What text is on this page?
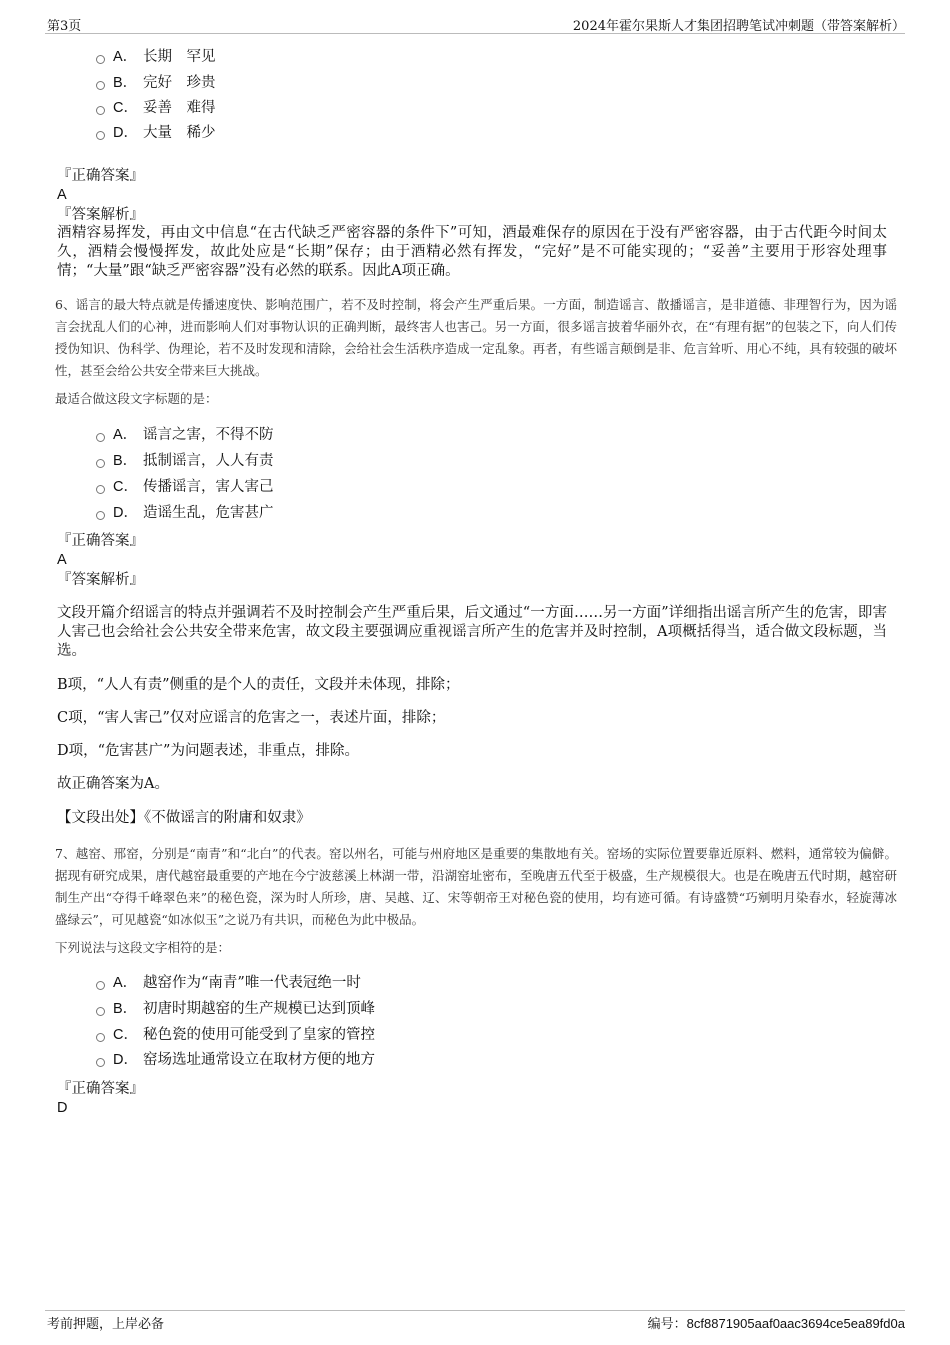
第3页	2024年霍尔果斯人才集团招聘笔试冲刺题（带答案解析）
A． 长期　罕见
B． 完好　珍贵
C． 妥善　难得
D． 大量　稀少
『正确答案』
A
『答案解析』
酒精容易挥发，再由文中信息“在古代缺乏严密容器的条件下”可知，酒最难保存的原因在于没有严密容器，由于古代距今时间太久，酒精会慢慢挥发，故此处应是“长期”保存；由于酒精必然有挥发，“完好”是不可能实现的；“妥善”主要用于形容处理事情；“大量”跟“缺乏严密容器”没有必然的联系。因此A项正确。
6、谣言的最大特点就是传播速度快、影响范围广，若不及时控制，将会产生严重后果。一方面，制造谣言、散播谣言，是非道德、非理智行为，因为谣言会扰乱人们的心神，进而影响人们对事物认识的正确判断，最终害人也害己。另一方面，很多谣言披着华丽外衣，在“有理有据”的包装之下，向人们传授伪知识、伪科学、伪理论，若不及时发现和清除，会给社会生活秩序造成一定乱象。再者，有些谣言颠倒是非、危言耸听、用心不纯，具有较强的破坏性，甚至会给公共安全带来巨大挑战。
最适合做这段文字标题的是：
A． 谣言之害，不得不防
B． 抵制谣言，人人有责
C． 传播谣言，害人害己
D． 造谣生乱，危害甚广
『正确答案』
A
『答案解析』
文段开篇介绍谣言的特点并强调若不及时控制会产生严重后果，后文通过“一方面……另一方面”详细指出谣言所产生的危害，即害人害己也会给社会公共安全带来危害，故文段主要强调应重视谣言所产生的危害并及时控制，A项概括得当，适合做文段标题，当选。
B项，“人人有责”侧重的是个人的责任，文段并未体现，排除；
C项，“害人害己”仅对应谣言的危害之一，表述片面，排除；
D项，“危害甚广”为问题表述，非重点，排除。
故正确答案为A。
【文段出处】《不做谣言的附庸和奴隶》
7、越窑、邢窑，分别是“南青”和“北白”的代表。窑以州名，可能与州府地区是重要的集散地有关。窑场的实际位置要靠近原料、燃料，通常较为偏僻。据现有研究成果，唐代越窑最重要的产地在今宁波慈溪上林湖一带，沿湖窑址密布，至晚唐五代至于极盛，生产规模很大。也是在晚唐五代时期，越窑研制生产出“夺得千峰翠色来”的秘色瓷，深为时人所珍，唐、吴越、辽、宋等朝帝王对秘色瓷的使用，均有迹可循。有诗盛赞“巧剜明月染春水，轻旋薄冰盛绿云”，可见越瓷“如冰似玉”之说乃有共识，而秘色为此中极品。
下列说法与这段文字相符的是：
A． 越窑作为“南青”唯一代表冠绝一时
B． 初唐时期越窑的生产规模已达到顶峰
C． 秘色瓷的使用可能受到了皇家的管控
D． 窑场选址通常设立在取材方便的地方
『正确答案』
D
考前押题，上岸必备	编号：8cf8871905aaf0aac3694ce5ea89fd0a
